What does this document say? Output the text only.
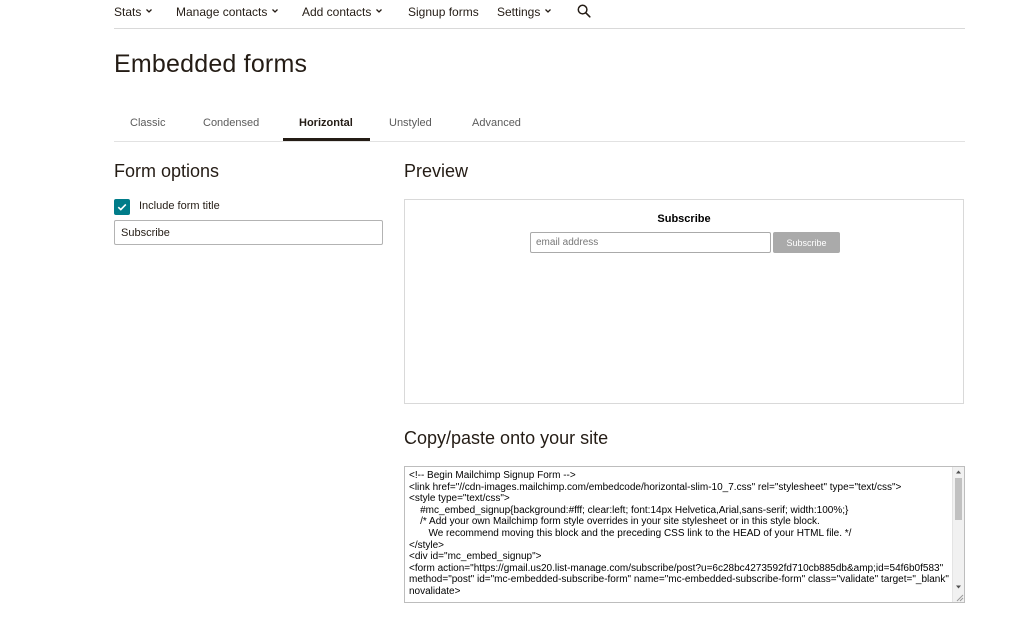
Stats	Manage contacts	Add contacts	Signup forms Settings
Embedded forms
Classic	Condensed	Horizontal	Unstyled	Advanced
Form options
Include form title
Subscribe
Preview
Subscribe
email address
Subscribe
Copy/paste onto your site
<!-- Begin Mailchimp Signup Form -->
<link href="//cdn-images.mailchimp.com/embedcode/horizontal-slim-10_7.css" rel="stylesheet" type="text/css">
<style type="text/css">
	#mc_embed_signup{background:#fff; clear:left; font:14px Helvetica,Arial,sans-serif; width:100%;}
	/* Add your own Mailchimp form style overrides in your site stylesheet or in this style block.
	We recommend moving this block and the preceding CSS link to the HEAD of your HTML file. */
</style>
<div id="mc_embed_signup">
<form action="https://gmail.us20.list-manage.com/subscribe/post?u=6c28bc4273592fd710cb885db&amp;id=54f6b0f583" method="post" id="mc-embedded-subscribe-form" name="mc-embedded-subscribe-form" class="validate" target="_blank" novalidate>
